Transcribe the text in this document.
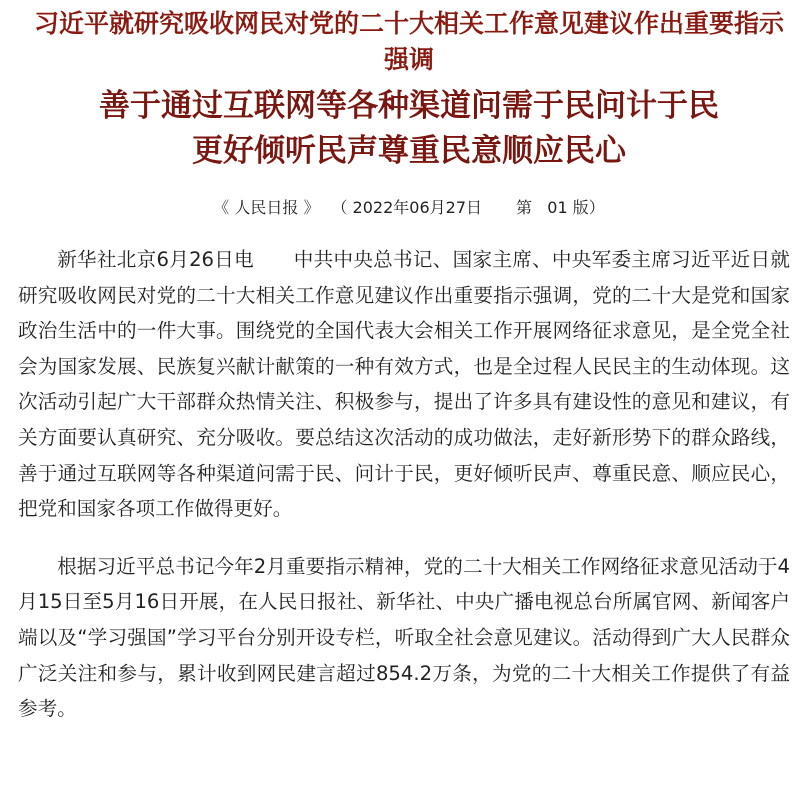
习近平就研究吸收网民对党的二十大相关工作意见建议作出重要指示强调
善于通过互联网等各种渠道问需于民问计于民
更好倾听民声尊重民意顺应民心
《 人民日报 》 （ 2022年06月27日 第   01 版）

新华社北京6月26日电　　中共中央总书记、国家主席、中央军委主席习近平近日就研究吸收网民对党的二十大相关工作意见建议作出重要指示强调，党的二十大是党和国家政治生活中的一件大事。围绕党的全国代表大会相关工作开展网络征求意见，是全党全社会为国家发展、民族复兴献计献策的一种有效方式，也是全过程人民民主的生动体现。这次活动引起广大干部群众热情关注、积极参与，提出了许多具有建设性的意见和建议，有关方面要认真研究、充分吸收。要总结这次活动的成功做法，走好新形势下的群众路线，善于通过互联网等各种渠道问需于民、问计于民，更好倾听民声、尊重民意、顺应民心，把党和国家各项工作做得更好。

根据习近平总书记今年2月重要指示精神，党的二十大相关工作网络征求意见活动于4月15日至5月16日开展，在人民日报社、新华社、中央广播电视总台所属官网、新闻客户端以及“学习强国”学习平台分别开设专栏，听取全社会意见建议。活动得到广大人民群众广泛关注和参与，累计收到网民建言超过854.2万条，为党的二十大相关工作提供了有益参考。
